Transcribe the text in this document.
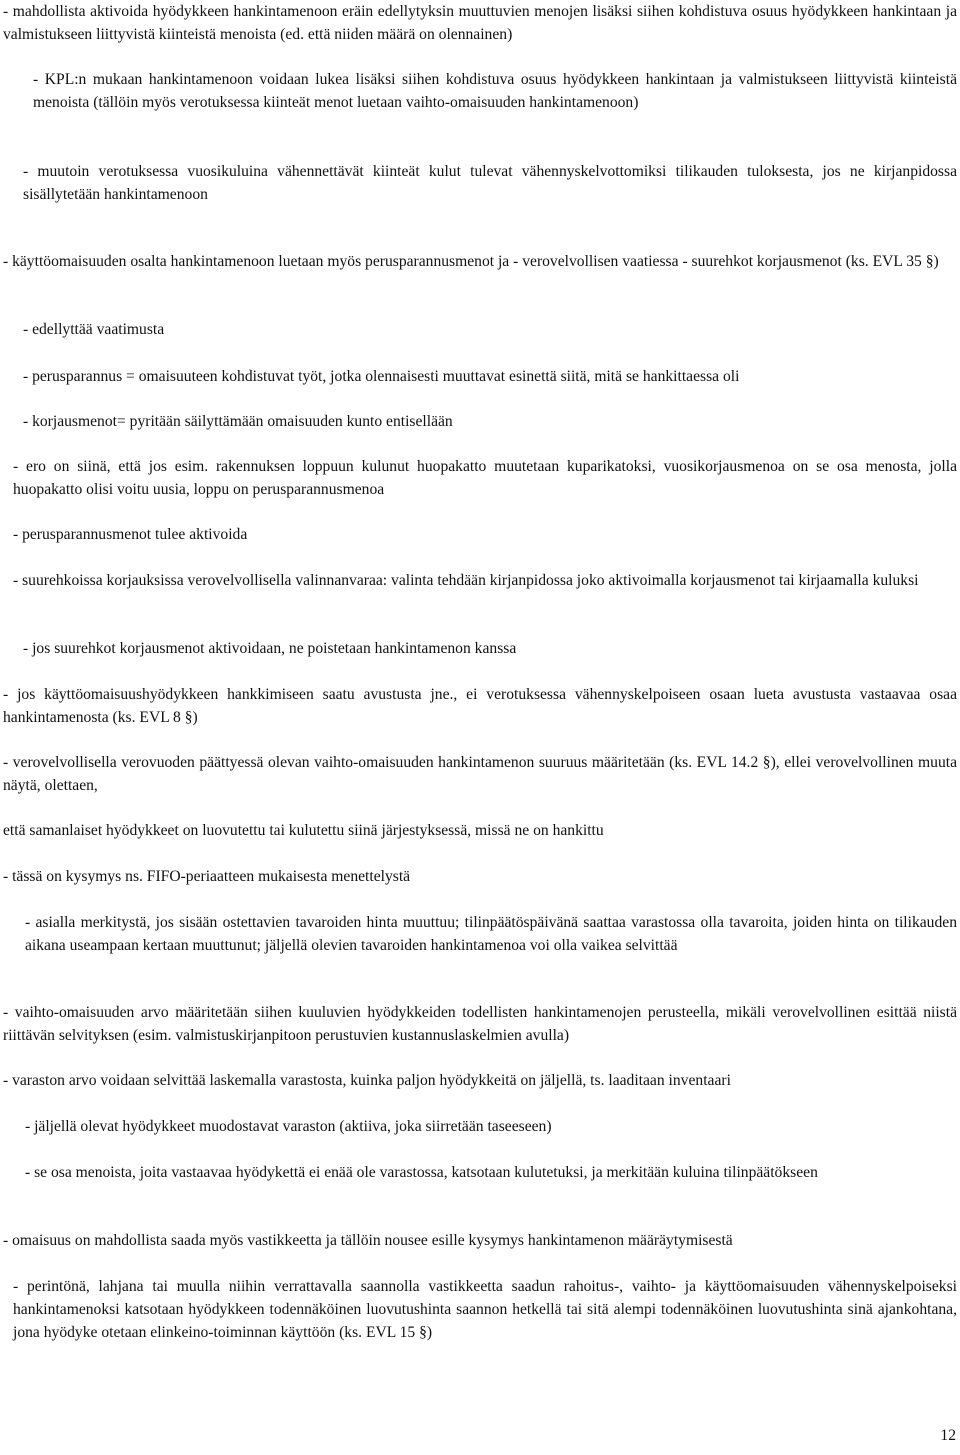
- mahdollista aktivoida hyödykkeen hankintamenoon eräin edellytyksin muuttuvien menojen lisäksi siihen kohdistuva osuus hyödykkeen hankintaan ja valmistukseen liittyvistä kiinteistä menoista (ed. että niiden määrä on olennainen)

- KPL:n mukaan hankintamenoon voidaan lukea lisäksi siihen kohdistuva osuus hyödykkeen hankintaan ja valmistukseen liittyvistä kiinteistä menoista (tällöin myös verotuksessa kiinteät menot luetaan vaihto-omaisuuden hankintamenoon)

- muutoin verotuksessa vuosikuluina vähennettävät kiinteät kulut tulevat vähennyskelvottomiksi tilikauden tuloksesta, jos ne kirjanpidossa sisällytetään hankintamenoon

- käyttöomaisuuden osalta hankintamenoon luetaan myös perusparannusmenot ja - verovelvollisen vaatiessa - suurehkot korjausmenot (ks. EVL 35 §)

- edellyttää vaatimusta

- perusparannus = omaisuuteen kohdistuvat työt, jotka olennaisesti muuttavat esinettä siitä, mitä se hankittaessa oli

- korjausmenot= pyritään säilyttämään omaisuuden kunto entisellään

- ero on siinä, että jos esim. rakennuksen loppuun kulunut huopakatto muutetaan kuparikatoksi, vuosikorjausmenoa on se osa menosta, jolla huopakatto olisi voitu uusia, loppu on perusparannusmenoa

- perusparannusmenot tulee aktivoida

- suurehkoissa korjauksissa verovelvollisella valinnanvaraa: valinta tehdään kirjanpidossa joko aktivoimalla korjausmenot tai kirjaamalla kuluksi

- jos suurehkot korjausmenot aktivoidaan, ne poistetaan hankintamenon kanssa

- jos käyttöomaisuushyödykkeen hankkimiseen saatu avustusta jne., ei verotuksessa vähennyskelpoiseen osaan lueta avustusta vastaavaa osaa hankintamenosta (ks. EVL 8 §)

- verovelvollisella verovuoden päättyessä olevan vaihto-omaisuuden hankintamenon suuruus määritetään (ks. EVL 14.2 §), ellei verovelvollinen muuta näytä, olettaen,

että samanlaiset hyödykkeet on luovutettu tai kulutettu siinä järjestyksessä, missä ne on hankittu

- tässä on kysymys ns. FIFO-periaatteen mukaisesta menettelystä

- asialla merkitystä, jos sisään ostettavien tavaroiden hinta muuttuu; tilinpäätöspäivänä saattaa varastossa olla tavaroita, joiden hinta on tilikauden aikana useampaan kertaan muuttunut; jäljellä olevien tavaroiden hankintamenoa voi olla vaikea selvittää

- vaihto-omaisuuden arvo määritetään siihen kuuluvien hyödykkeiden todellisten hankintamenojen perusteella, mikäli verovelvollinen esittää niistä riittävän selvityksen (esim. valmistuskirjanpitoon perustuvien kustannuslaskelmien avulla)

- varaston arvo voidaan selvittää laskemalla varastosta, kuinka paljon hyödykkeitä on jäljellä, ts. laaditaan inventaari

- jäljellä olevat hyödykkeet muodostavat varaston (aktiiva, joka siirretään taseeseen)

- se osa menoista, joita vastaavaa hyödykettä ei enää ole varastossa, katsotaan kulutetuksi, ja merkitään kuluina tilinpäätökseen

- omaisuus on mahdollista saada myös vastikkeetta ja tällöin nousee esille kysymys hankintamenon määräytymisestä

- perintönä, lahjana tai muulla niihin verrattavalla saannolla vastikkeetta saadun rahoitus-, vaihto- ja käyttöomaisuuden vähennyskelpoiseksi hankintamenoksi katsotaan hyödykkeen todennäköinen luovutushinta saannon hetkellä tai sitä alempi todennäköinen luovutushinta sinä ajankohtana, jona hyödyke otetaan elinkeino-toiminnan käyttöön (ks. EVL 15 §)

12
